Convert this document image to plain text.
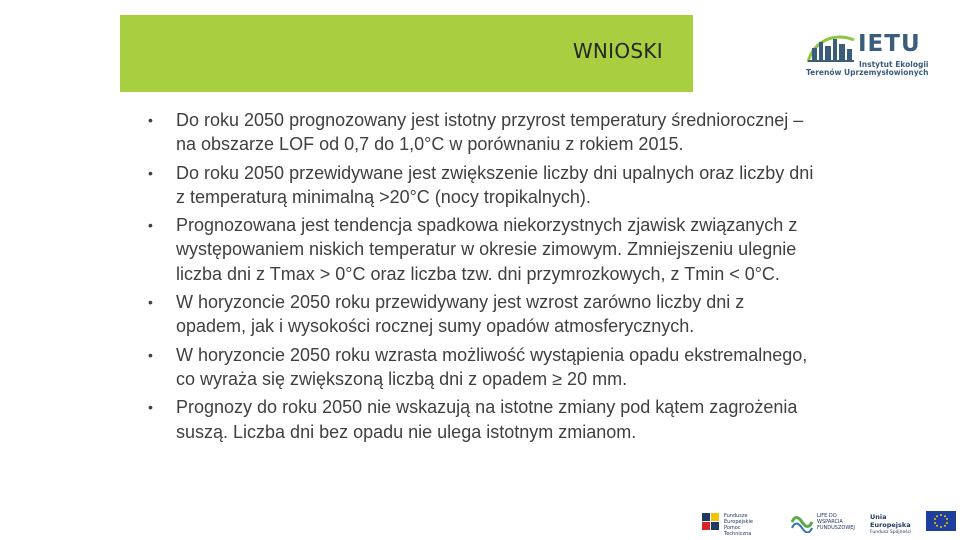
WNIOSKI	IETU
Instytut Ekologii
Terenów Uprzemysłowionych
• Do roku 2050 prognozowany jest istotny przyrost temperatury średniorocznej – na obszarze LOF od 0,7 do 1,0°C w porównaniu z rokiem 2015.
• Do roku 2050 przewidywane jest zwiększenie liczby dni upalnych oraz liczby dni z temperaturą minimalną >20°C (nocy tropikalnych).
• Prognozowana jest tendencja spadkowa niekorzystnych zjawisk związanych z występowaniem niskich temperatur w okresie zimowym. Zmniejszeniu ulegnie liczba dni z Tmax > 0°C oraz liczba tzw. dni przymrozkowych, z Tmin < 0°C.
• W horyzoncie 2050 roku przewidywany jest wzrost zarówno liczby dni z opadem, jak i wysokości rocznej sumy opadów atmosferycznych.
• W horyzoncie 2050 roku wzrasta możliwość wystąpienia opadu ekstremalnego, co wyraża się zwiększoną liczbą dni z opadem ≥ 20 mm.
• Prognozy do roku 2050 nie wskazują na istotne zmiany pod kątem zagrożenia suszą. Liczba dni bez opadu nie ulega istotnym zmianom.
Fundusze
Europejskie
Pomoc Techniczna
LIFE DO
WSPARCIA
FUNDUSZOWEJ
Unia Europejska
Fundusz Spójności
